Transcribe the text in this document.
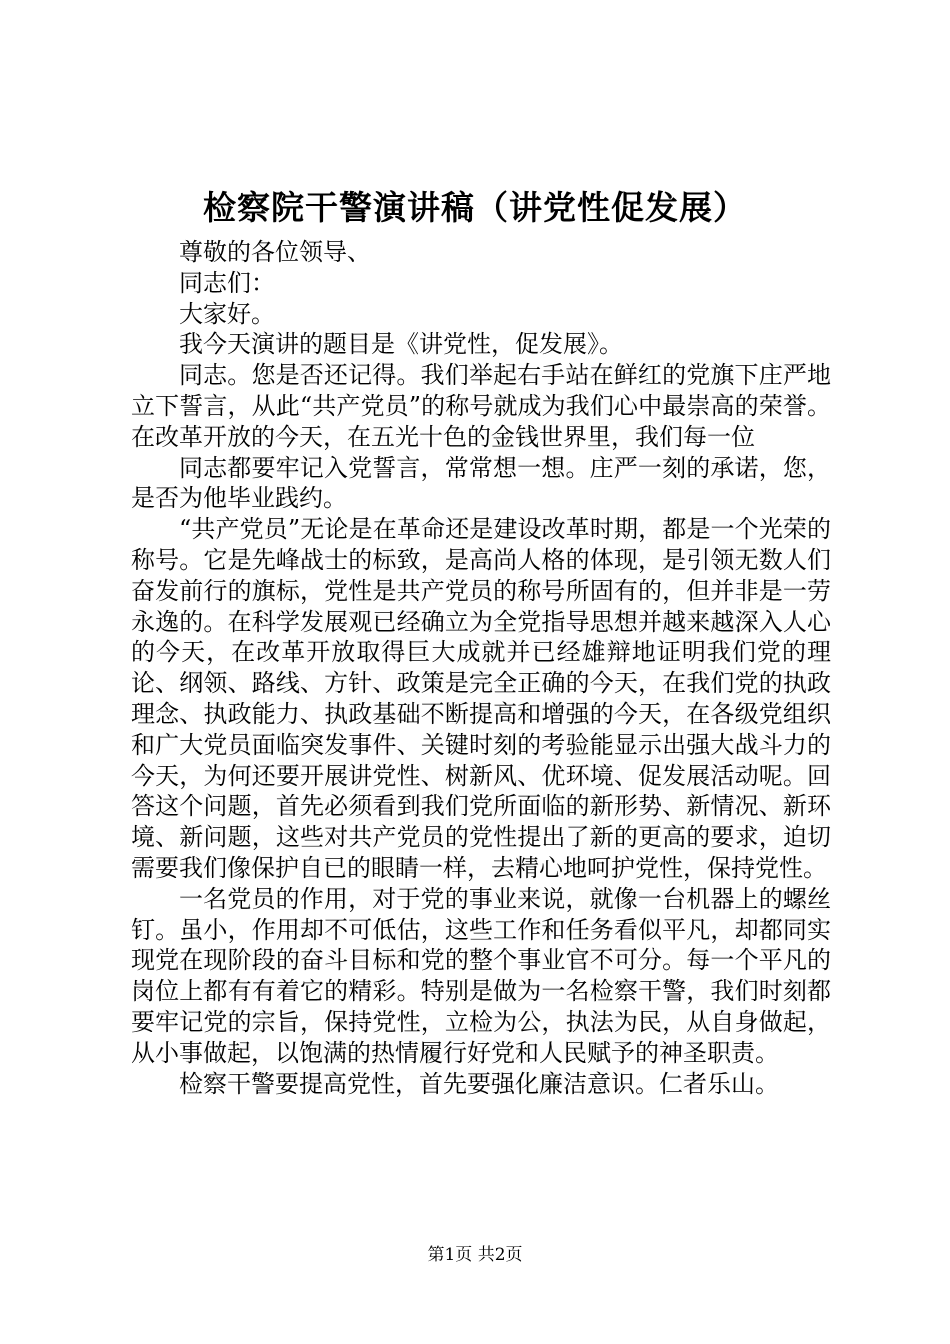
检察院干警演讲稿（讲党性促发展）

尊敬的各位领导、

同志们：

大家好。

我今天演讲的题目是《讲党性，促发展》。

同志。您是否还记得。我们举起右手站在鲜红的党旗下庄严地立下誓言，从此“共产党员”的称号就成为我们心中最崇高的荣誉。在改革开放的今天，在五光十色的金钱世界里，我们每一位

同志都要牢记入党誓言，常常想一想。庄严一刻的承诺，您，是否为他毕业践约。

“共产党员”无论是在革命还是建设改革时期，都是一个光荣的称号。它是先峰战士的标致，是高尚人格的体现，是引领无数人们奋发前行的旗标，党性是共产党员的称号所固有的，但并非是一劳永逸的。在科学发展观已经确立为全党指导思想并越来越深入人心的今天，在改革开放取得巨大成就并已经雄辩地证明我们党的理论、纲领、路线、方针、政策是完全正确的今天，在我们党的执政理念、执政能力、执政基础不断提高和增强的今天，在各级党组织和广大党员面临突发事件、关键时刻的考验能显示出强大战斗力的今天，为何还要开展讲党性、树新风、优环境、促发展活动呢。回答这个问题，首先必须看到我们党所面临的新形势、新情况、新环境、新问题，这些对共产党员的党性提出了新的更高的要求，迫切需要我们像保护自已的眼睛一样，去精心地呵护党性，保持党性。

一名党员的作用，对于党的事业来说，就像一台机器上的螺丝钉。虽小，作用却不可低估，这些工作和任务看似平凡，却都同实现党在现阶段的奋斗目标和党的整个事业官不可分。每一个平凡的岗位上都有有着它的精彩。特别是做为一名检察干警，我们时刻都要牢记党的宗旨，保持党性，立检为公，执法为民，从自身做起，从小事做起，以饱满的热情履行好党和人民赋予的神圣职责。

检察干警要提高党性，首先要强化廉洁意识。仁者乐山。

第1页 共2页
